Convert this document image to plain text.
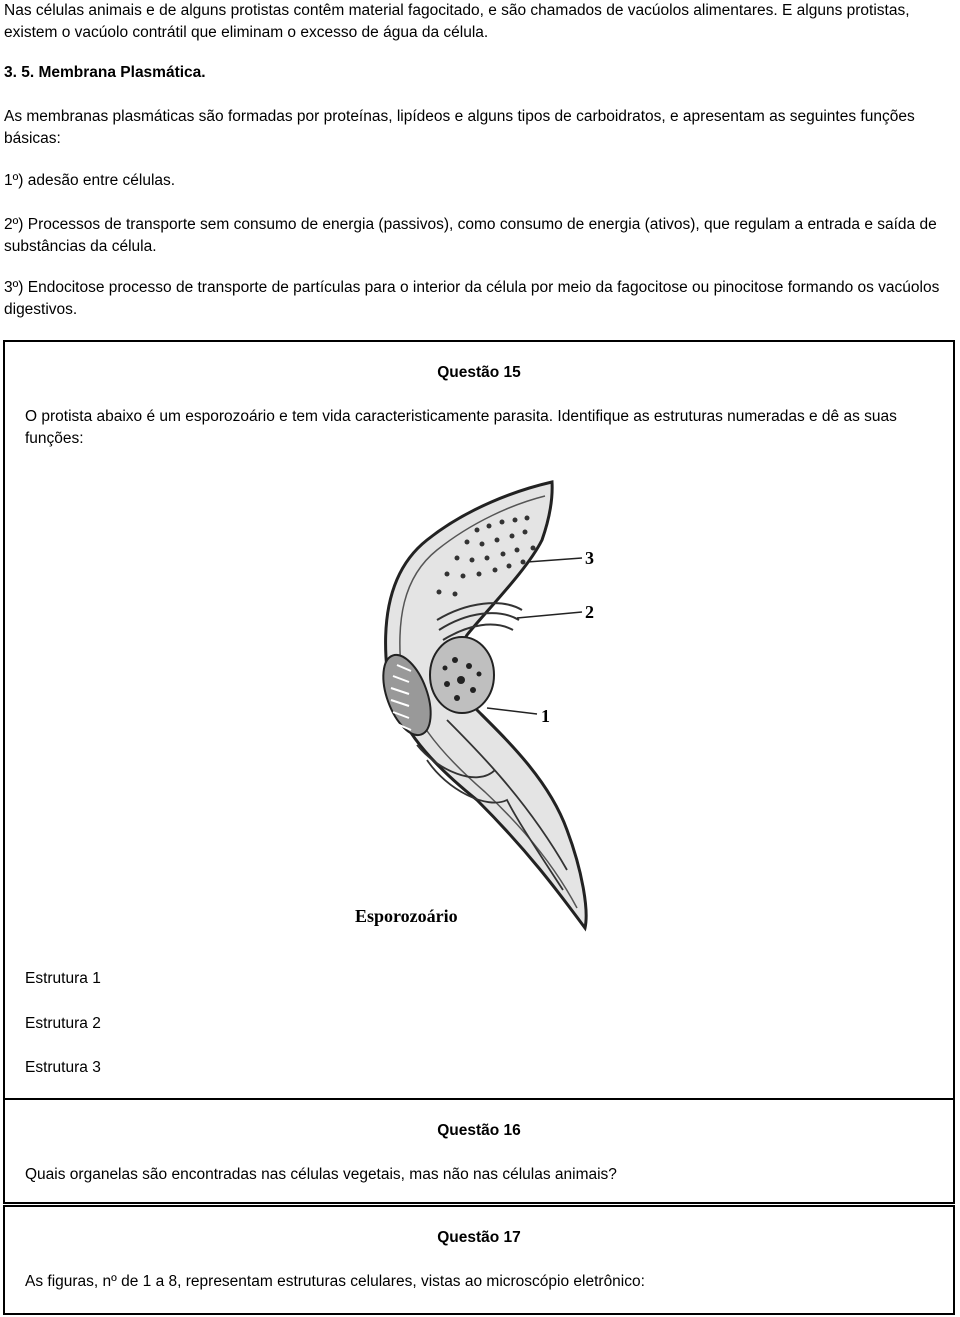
Nas células animais e de alguns protistas contêm material fagocitado, e são chamados de vacúolos alimentares. E alguns protistas, existem o vacúolo contrátil que eliminam o excesso de água da célula.

3. 5. Membrana Plasmática.

As membranas plasmáticas são formadas por proteínas, lipídeos e alguns tipos de carboidratos, e apresentam as seguintes funções básicas:

1º) adesão entre células.

2º) Processos de transporte sem consumo de energia (passivos), como consumo de energia (ativos), que regulam a entrada e saída de substâncias da célula.

3º) Endocitose processo de transporte de partículas para o interior da célula por meio da fagocitose ou pinocitose formando os vacúolos digestivos.

Questão 15
O protista abaixo é um esporozoário e tem vida caracteristicamente parasita. Identifique as estruturas numeradas e dê as suas funções:
3
2
1
Esporozoário
Estrutura 1
Estrutura 2
Estrutura 3
Questão 16
Quais organelas são encontradas nas células vegetais, mas não nas células animais?
Questão 17
As figuras, nº de 1 a 8, representam estruturas celulares, vistas ao microscópio eletrônico:
